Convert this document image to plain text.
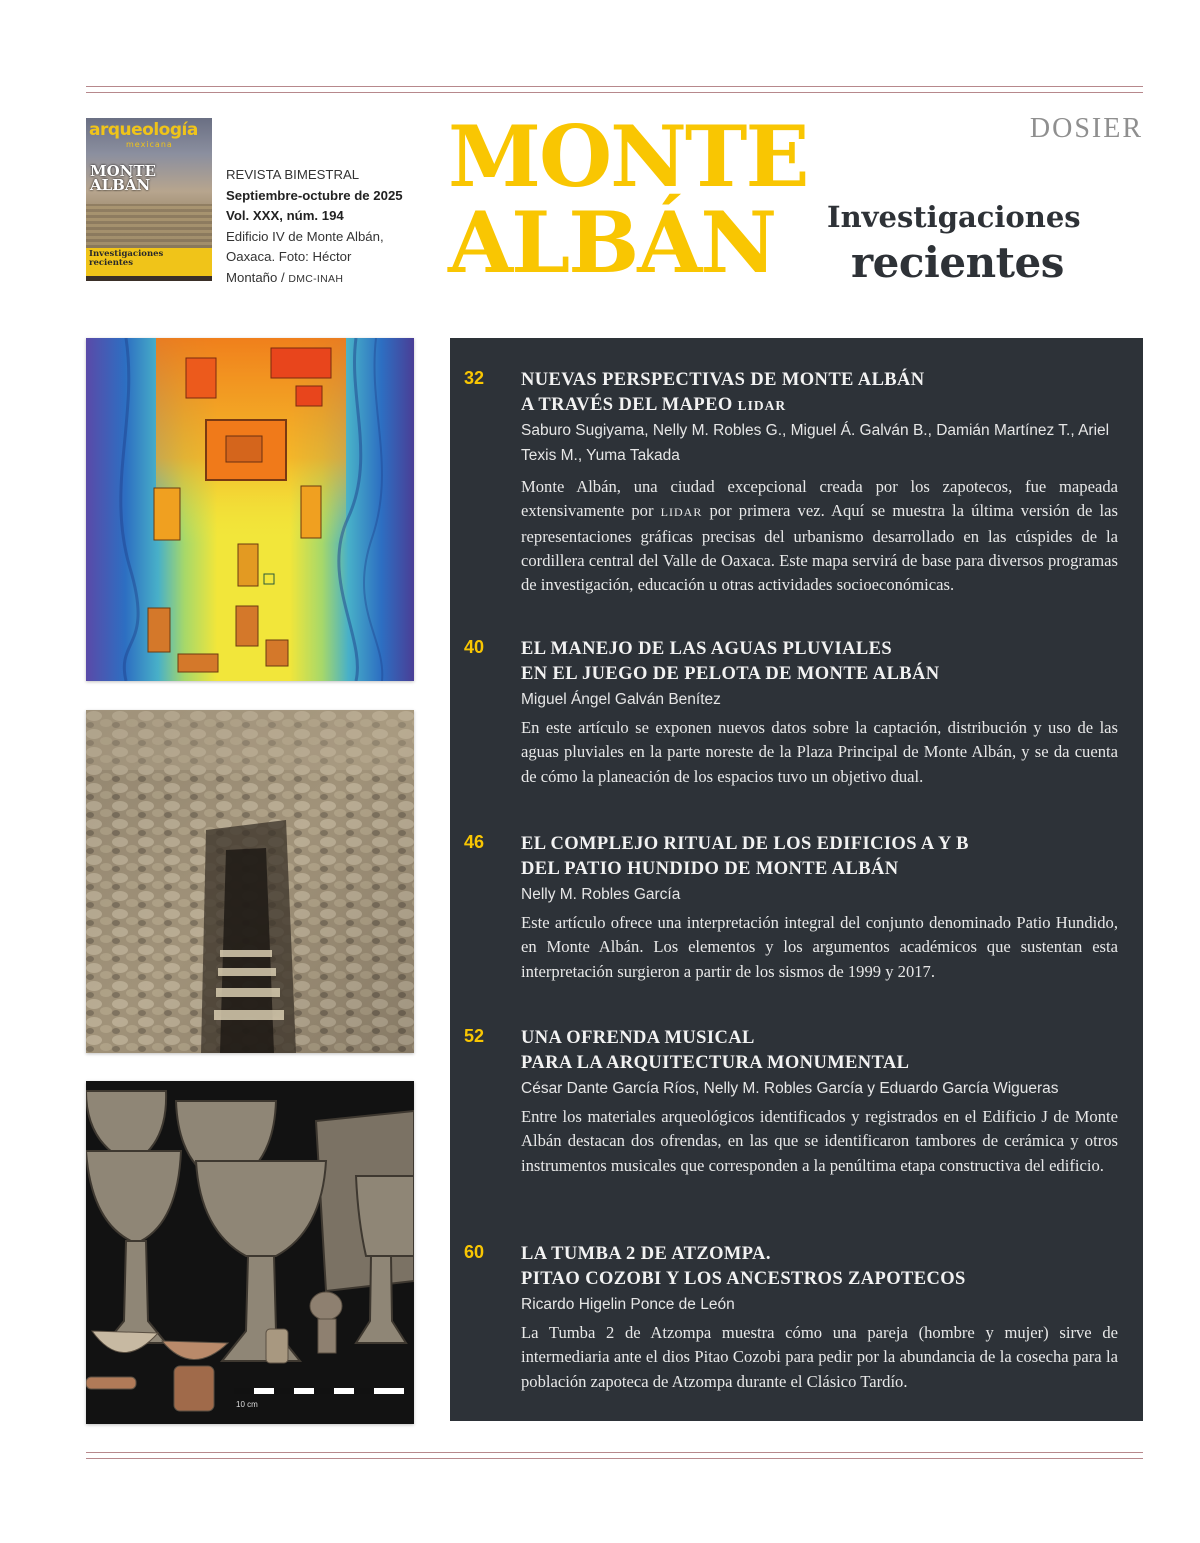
arqueología
mexicana
MONTE
ALBÁN
Investigaciones
recientes
REVISTA BIMESTRAL
Septiembre-octubre de 2025
Vol. XXX, núm. 194
Edificio IV de Monte Albán,
Oaxaca. Foto: Héctor
Montaño / DMC-INAH
MONTE
ALBÁN
DOSIER
Investigaciones
recientes
10 cm
32 NUEVAS PERSPECTIVAS DE MONTE ALBÁN
A TRAVÉS DEL MAPEO LIDAR
Saburo Sugiyama, Nelly M. Robles G., Miguel Á. Galván B., Damián Martínez T., Ariel Texis M., Yuma Takada
Monte Albán, una ciudad excepcional creada por los zapotecos, fue mapeada extensivamente por LIDAR por primera vez. Aquí se muestra la última versión de las representaciones gráficas precisas del urbanismo desarrollado en las cúspides de la cordillera central del Valle de Oaxaca. Este mapa servirá de base para diversos programas de investigación, educación u otras actividades socioeconómicas.
40 EL MANEJO DE LAS AGUAS PLUVIALES
EN EL JUEGO DE PELOTA DE MONTE ALBÁN
Miguel Ángel Galván Benítez
En este artículo se exponen nuevos datos sobre la captación, distribución y uso de las aguas pluviales en la parte noreste de la Plaza Principal de Monte Albán, y se da cuenta de cómo la planeación de los espacios tuvo un objetivo dual.
46 EL COMPLEJO RITUAL DE LOS EDIFICIOS A Y B
DEL PATIO HUNDIDO DE MONTE ALBÁN
Nelly M. Robles García
Este artículo ofrece una interpretación integral del conjunto denominado Patio Hundido, en Monte Albán. Los elementos y los argumentos académicos que sustentan esta interpretación surgieron a partir de los sismos de 1999 y 2017.
52 UNA OFRENDA MUSICAL
PARA LA ARQUITECTURA MONUMENTAL
César Dante García Ríos, Nelly M. Robles García y Eduardo García Wigueras
Entre los materiales arqueológicos identificados y registrados en el Edificio J de Monte Albán destacan dos ofrendas, en las que se identificaron tambores de cerámica y otros instrumentos musicales que corresponden a la penúltima etapa constructiva del edificio.
60 LA TUMBA 2 DE ATZOMPA.
PITAO COZOBI Y LOS ANCESTROS ZAPOTECOS
Ricardo Higelin Ponce de León
La Tumba 2 de Atzompa muestra cómo una pareja (hombre y mujer) sirve de intermediaria ante el dios Pitao Cozobi para pedir por la abundancia de la cosecha para la población zapoteca de Atzompa durante el Clásico Tardío.
